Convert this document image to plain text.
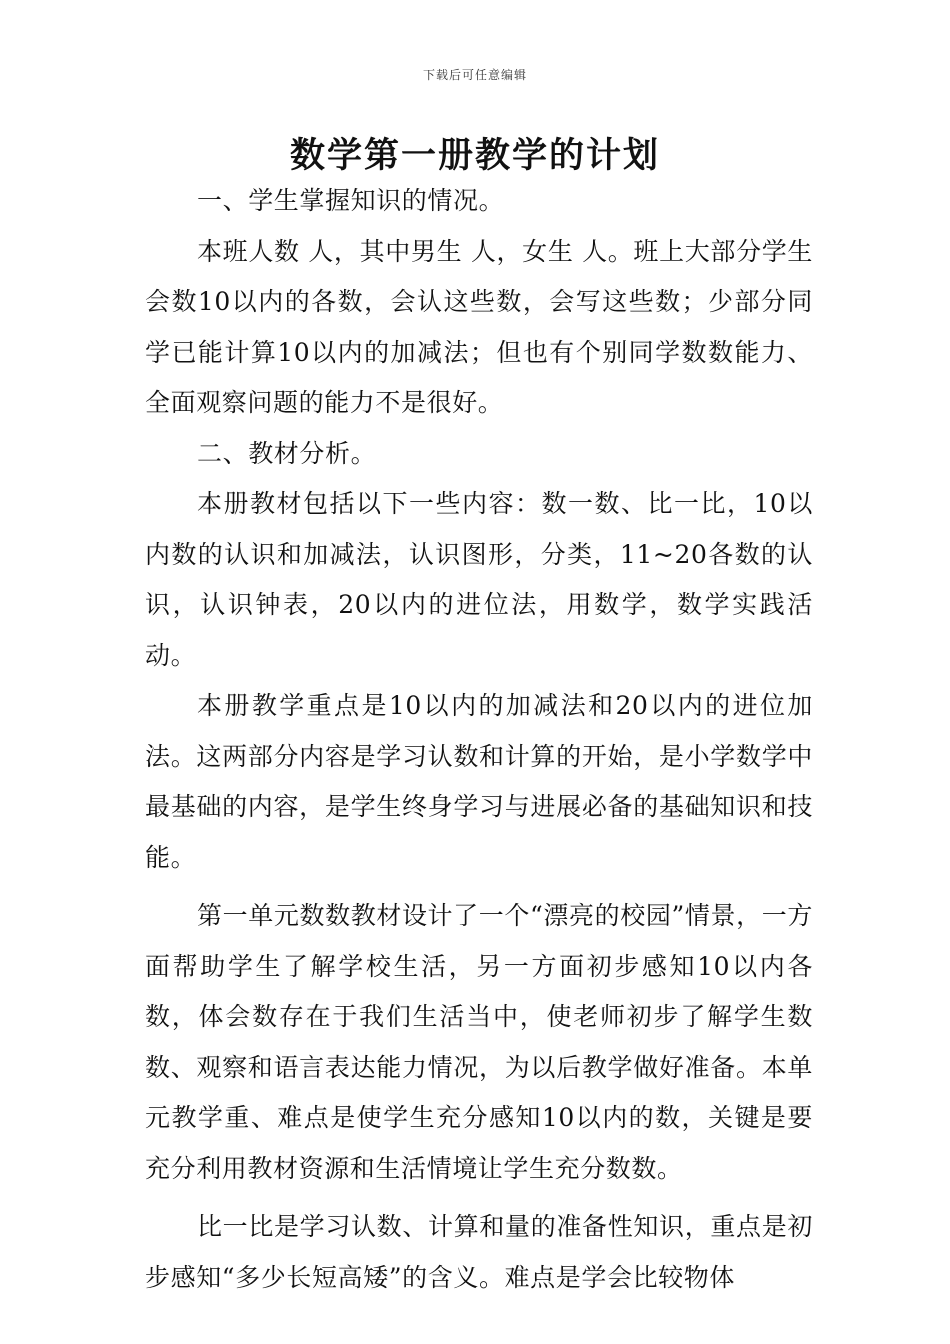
下载后可任意编辑
数学第一册教学的计划

一、学生掌握知识的情况。

本班人数 人，其中男生 人，女生 人。班上大部分学生会数10以内的各数，会认这些数，会写这些数；少部分同学已能计算10以内的加减法；但也有个别同学数数能力、全面观察问题的能力不是很好。

二、教材分析。

本册教材包括以下一些内容：数一数、比一比，10以内数的认识和加减法，认识图形，分类，11~20各数的认识，认识钟表，20以内的进位法，用数学，数学实践活动。

本册教学重点是10以内的加减法和20以内的进位加法。这两部分内容是学习认数和计算的开始，是小学数学中最基础的内容，是学生终身学习与进展必备的基础知识和技能。

第一单元数数教材设计了一个“漂亮的校园”情景，一方面帮助学生了解学校生活，另一方面初步感知10以内各数，体会数存在于我们生活当中，使老师初步了解学生数数、观察和语言表达能力情况，为以后教学做好准备。本单元教学重、难点是使学生充分感知10以内的数，关键是要充分利用教材资源和生活情境让学生充分数数。

比一比是学习认数、计算和量的准备性知识，重点是初步感知“多少长短高矮”的含义。难点是学会比较物体
